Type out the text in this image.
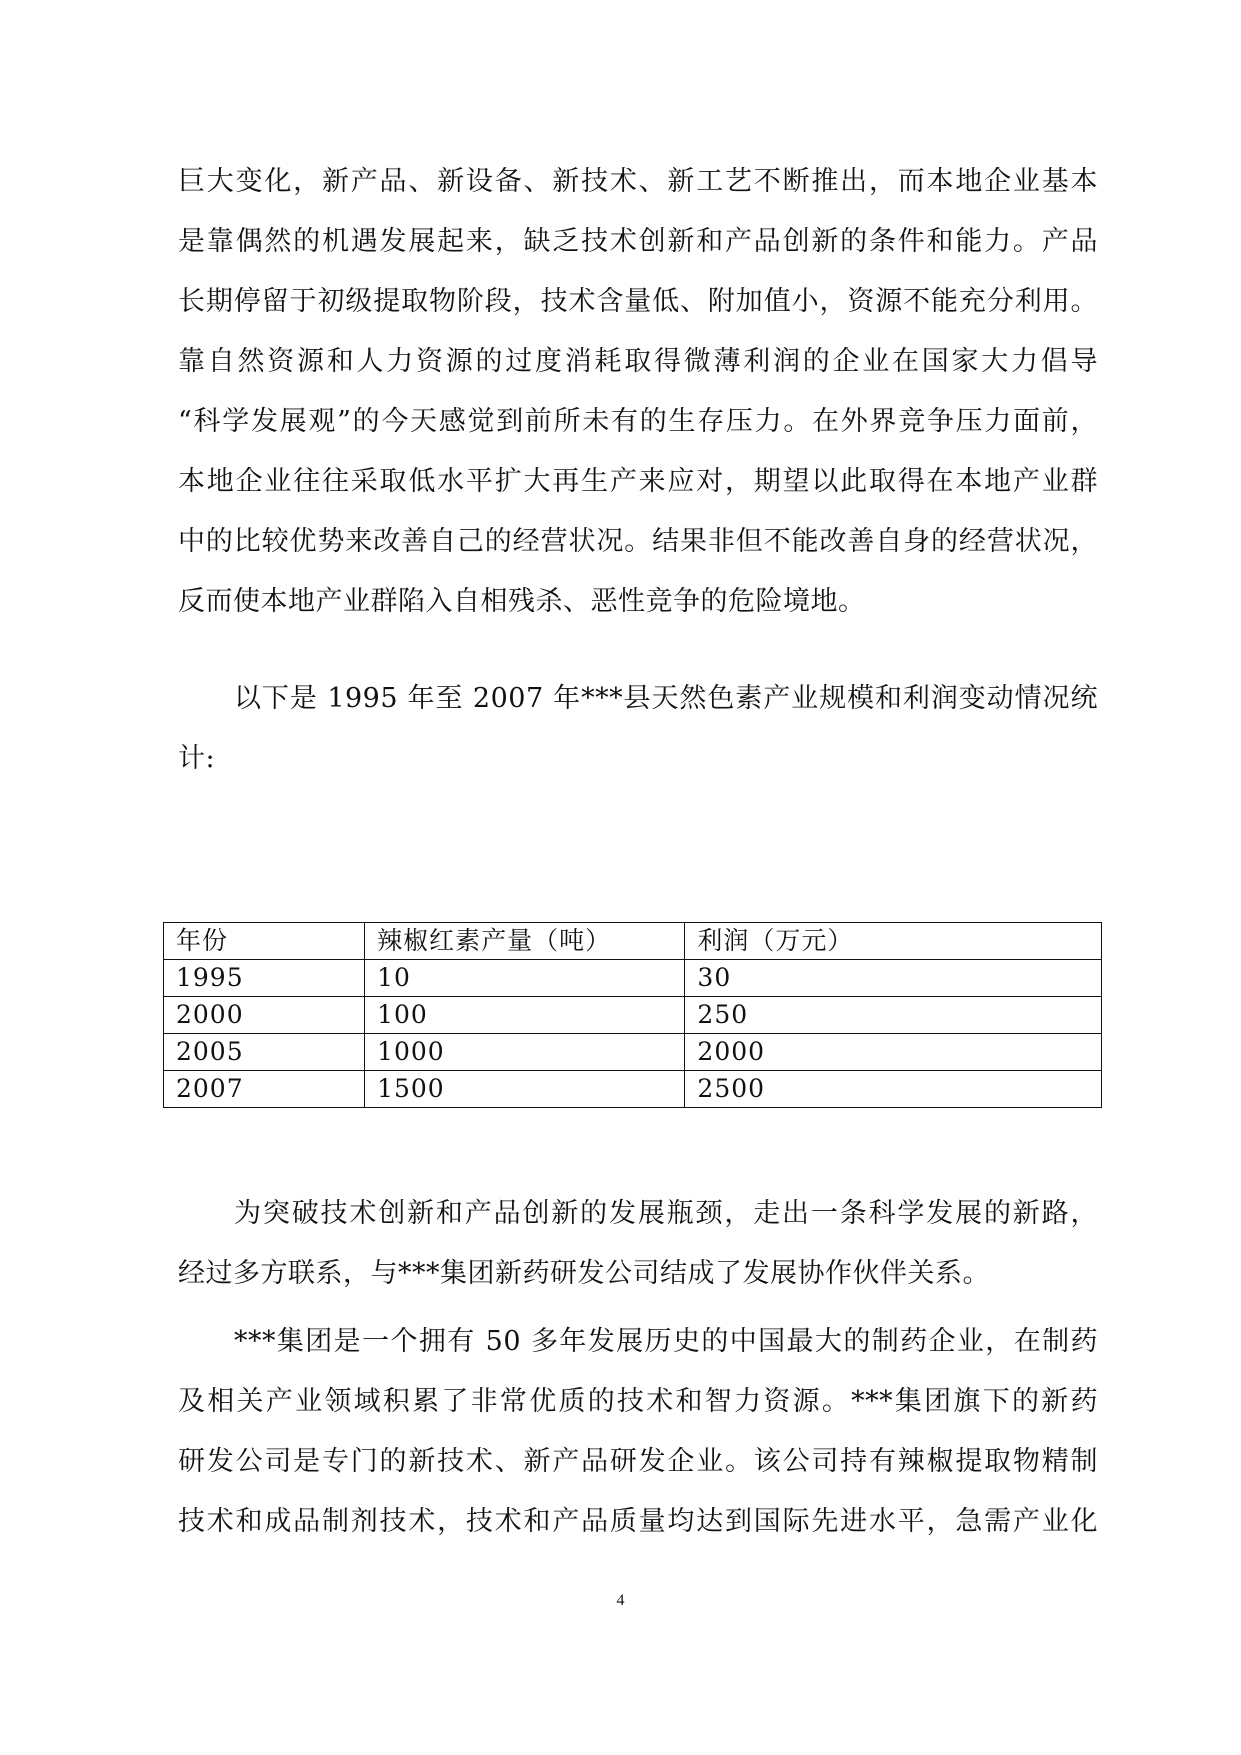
巨大变化，新产品、新设备、新技术、新工艺不断推出，而本地企业基本
是靠偶然的机遇发展起来，缺乏技术创新和产品创新的条件和能力。产品
长期停留于初级提取物阶段，技术含量低、附加值小，资源不能充分利用。
靠自然资源和人力资源的过度消耗取得微薄利润的企业在国家大力倡导
“科学发展观”的今天感觉到前所未有的生存压力。在外界竞争压力面前，
本地企业往往采取低水平扩大再生产来应对，期望以此取得在本地产业群
中的比较优势来改善自己的经营状况。结果非但不能改善自身的经营状况，
反而使本地产业群陷入自相残杀、恶性竞争的危险境地。
以下是 1995 年至 2007 年***县天然色素产业规模和利润变动情况统
计:
年份	辣椒红素产量（吨）	利润（万元）
1995	10	30
2000	100	250
2005	1000	2000
2007	1500	2500
为突破技术创新和产品创新的发展瓶颈，走出一条科学发展的新路，
经过多方联系，与***集团新药研发公司结成了发展协作伙伴关系。
***集团是一个拥有 50 多年发展历史的中国最大的制药企业，在制药
及相关产业领域积累了非常优质的技术和智力资源。***集团旗下的新药
研发公司是专门的新技术、新产品研发企业。该公司持有辣椒提取物精制
技术和成品制剂技术，技术和产品质量均达到国际先进水平，急需产业化
4
